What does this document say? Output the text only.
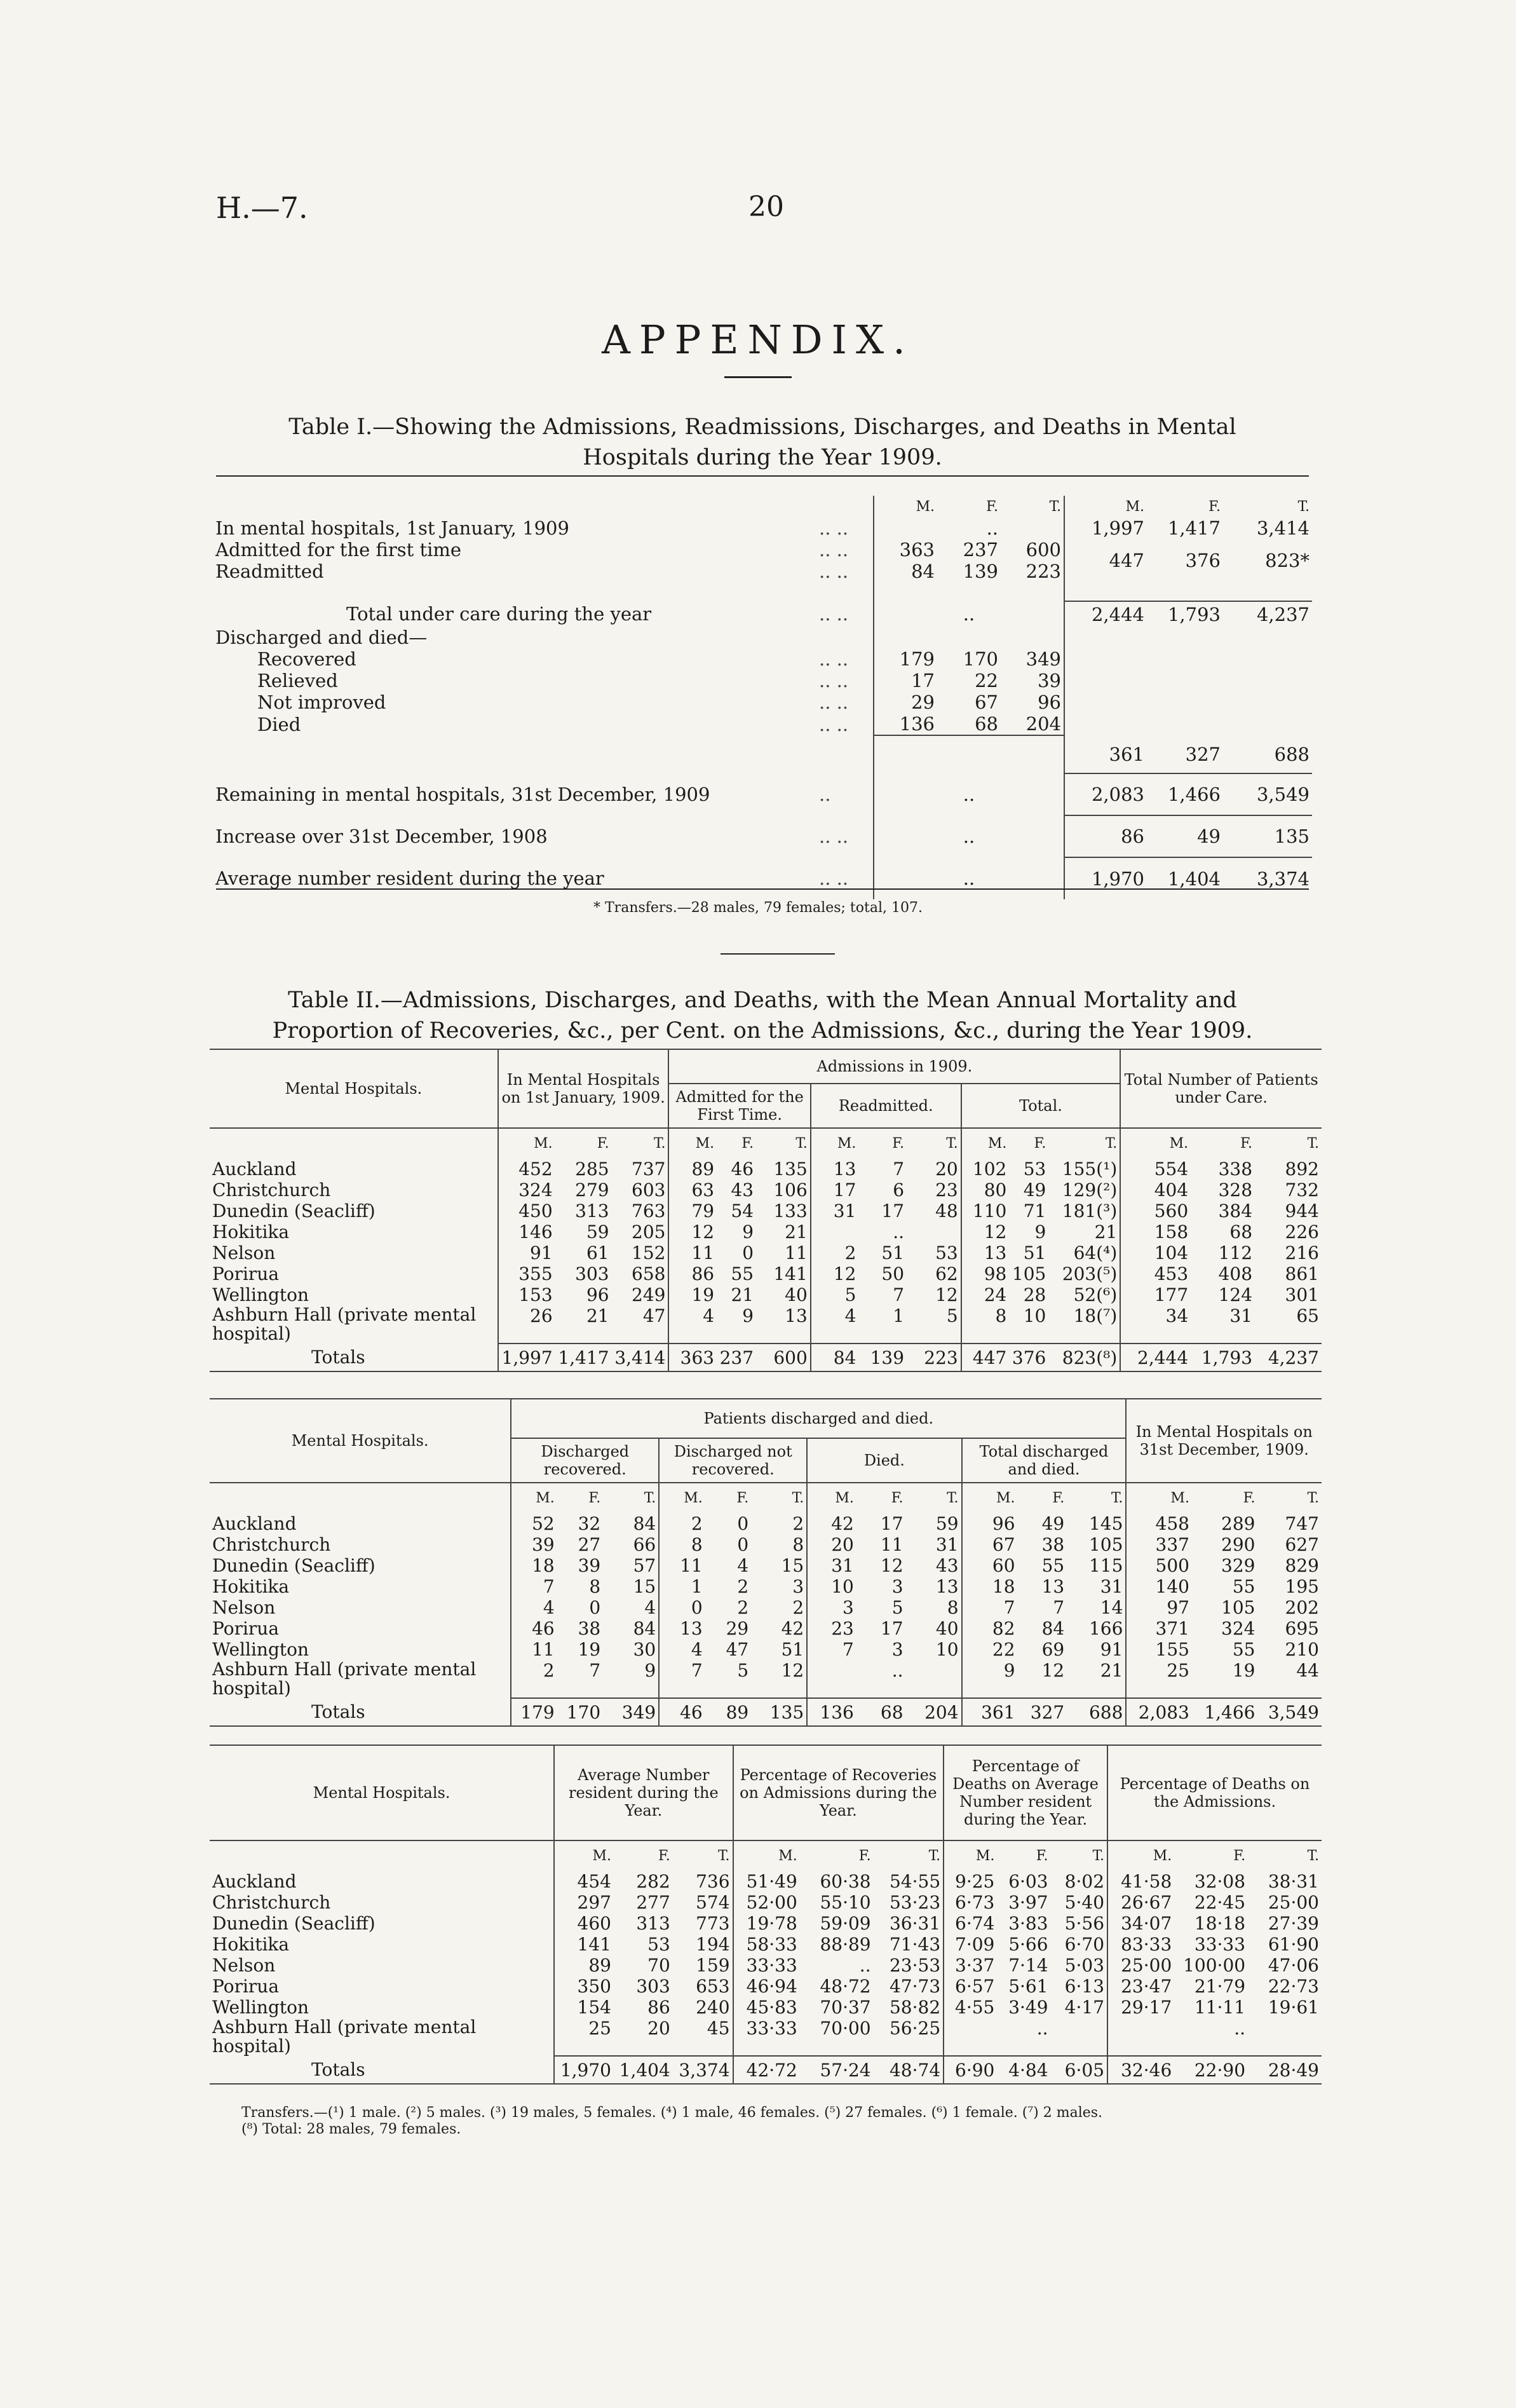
H.—7.	20
APPENDIX.
Table I.—Showing the Admissions, Readmissions, Discharges, and Deaths in Mental
Hospitals during the Year 1909.
		M.	F.	T.	M.	F.	T.
In mental hospitals, 1st January, 1909	.. ..		..		1,997	1,417	3,414
Admitted for the first time	.. ..	363	237	600	447	376	823*
Readmitted	.. ..	84	139	223			

Total under care during the year	.. ..		..		2,444	1,793	4,237
Discharged and died—							
Recovered	.. ..	179	170	349			
Relieved	.. ..	17	22	39			
Not improved	.. ..	29	67	96			
Died	.. ..	136	68	204			
					361	327	688
Remaining in mental hospitals, 31st December, 1909	..		..		2,083	1,466	3,549
Increase over 31st December, 1908	.. ..		..		86	49	135
Average number resident during the year	.. ..		..		1,970	1,404	3,374
* Transfers.—28 males, 79 females; total, 107.
Table II.—Admissions, Discharges, and Deaths, with the Mean Annual Mortality and
Proportion of Recoveries, &c., per Cent. on the Admissions, &c., during the Year 1909.
Mental Hospitals.	In Mental Hospitals on 1st January, 1909.			Admissions in 1909.									Total Number of Patients under Care.		
				Admitted for the First Time.			Readmitted.			Total.					
	M.	F.	T.	M.	F.	T.	M.	F.	T.	M.	F.	T.	M.	F.	T.
Auckland	452	285	737	89	46	135	13	7	20	102	53	155(¹)	554	338	892
Christchurch	324	279	603	63	43	106	17	6	23	80	49	129(²)	404	328	732
Dunedin (Seacliff)	450	313	763	79	54	133	31	17	48	110	71	181(³)	560	384	944
Hokitika	146	59	205	12	9	21		..		12	9	21	158	68	226
Nelson	91	61	152	11	0	11	2	51	53	13	51	64(⁴)	104	112	216
Porirua	355	303	658	86	55	141	12	50	62	98	105	203(⁵)	453	408	861
Wellington	153	96	249	19	21	40	5	7	12	24	28	52(⁶)	177	124	301
Ashburn Hall (private mental hospital)	26	21	47	4	9	13	4	1	5	8	10	18(⁷)	34	31	65
Totals	1,997	1,417	3,414	363	237	600	84	139	223	447	376	823(⁸)	2,444	1,793	4,237
Mental Hospitals.	Patients discharged and died.												In Mental Hospitals on 31st December, 1909.		
	Discharged recovered.			Discharged not recovered.			Died.			Total discharged and died.					
	M.	F.	T.	M.	F.	T.	M.	F.	T.	M.	F.	T.	M.	F.	T.
Auckland	52	32	84	2	0	2	42	17	59	96	49	145	458	289	747
Christchurch	39	27	66	8	0	8	20	11	31	67	38	105	337	290	627
Dunedin (Seacliff)	18	39	57	11	4	15	31	12	43	60	55	115	500	329	829
Hokitika	7	8	15	1	2	3	10	3	13	18	13	31	140	55	195
Nelson	4	0	4	0	2	2	3	5	8	7	7	14	97	105	202
Porirua	46	38	84	13	29	42	23	17	40	82	84	166	371	324	695
Wellington	11	19	30	4	47	51	7	3	10	22	69	91	155	55	210
Ashburn Hall (private mental hospital)	2	7	9	7	5	12		..		9	12	21	25	19	44
Totals	179	170	349	46	89	135	136	68	204	361	327	688	2,083	1,466	3,549
Mental Hospitals.	Average Number resident during the Year.			Percentage of Recoveries on Admissions during the Year.			Percentage of Deaths on Average Number resident during the Year.			Percentage of Deaths on the Admissions.		
	M.	F.	T.	M.	F.	T.	M.	F.	T.	M.	F.	T.
Auckland	454	282	736	51·49	60·38	54·55	9·25	6·03	8·02	41·58	32·08	38·31
Christchurch	297	277	574	52·00	55·10	53·23	6·73	3·97	5·40	26·67	22·45	25·00
Dunedin (Seacliff)	460	313	773	19·78	59·09	36·31	6·74	3·83	5·56	34·07	18·18	27·39
Hokitika	141	53	194	58·33	88·89	71·43	7·09	5·66	6·70	83·33	33·33	61·90
Nelson	89	70	159	33·33	..	23·53	3·37	7·14	5·03	25·00	100·00	47·06
Porirua	350	303	653	46·94	48·72	47·73	6·57	5·61	6·13	23·47	21·79	22·73
Wellington	154	86	240	45·83	70·37	58·82	4·55	3·49	4·17	29·17	11·11	19·61
Ashburn Hall (private mental hospital)	25	20	45	33·33	70·00	56·25		..			..	
Totals	1,970	1,404	3,374	42·72	57·24	48·74	6·90	4·84	6·05	32·46	22·90	28·49
Transfers.—(¹) 1 male. (²) 5 males. (³) 19 males, 5 females. (⁴) 1 male, 46 females. (⁵) 27 females. (⁶) 1 female. (⁷) 2 males.
(⁸) Total: 28 males, 79 females.
